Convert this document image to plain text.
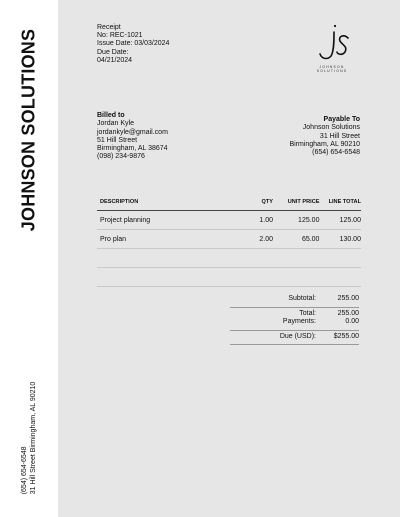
JOHNSON SOLUTIONS
(654) 654-6548 31 Hill Street Birmingham, AL 90210
Receipt
No: REC-1021
Issue Date: 03/03/2024
Due Date:
04/21/2024
JOHNSON SOLUTIONS
Billed to
Jordan Kyle
jordankyle@gmail.com
51 Hill Street
Birmingham, AL 38674
(098) 234-9876
Payable To
Johnson Solutions
31 Hill Street
Birmingham, AL 90210
(654) 654-6548
DESCRIPTION	QTY	UNIT PRICE	LINE TOTAL
Project planning	1.00	125.00	125.00
Pro plan	2.00	65.00	130.00
Subtotal:	255.00
Total:	255.00
Payments:	0.00
Due (USD):	$255.00
